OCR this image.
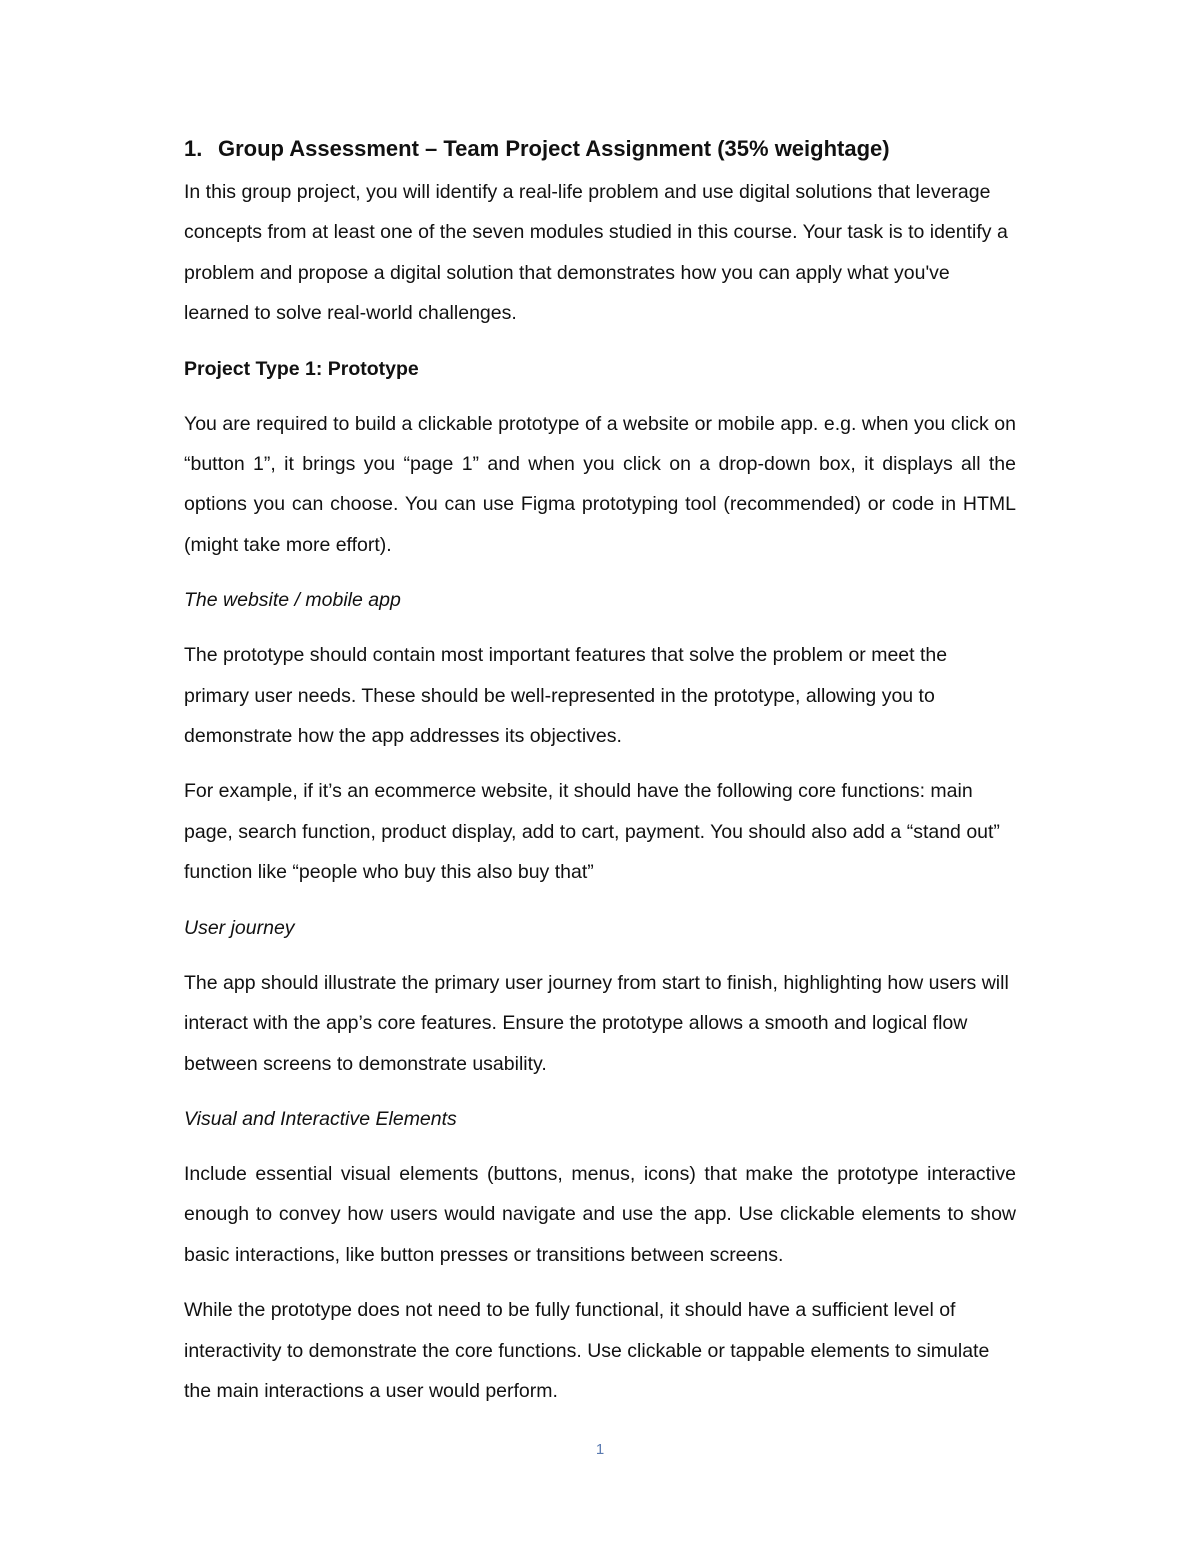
1. Group Assessment – Team Project Assignment (35% weightage)

In this group project, you will identify a real-life problem and use digital solutions that leverage concepts from at least one of the seven modules studied in this course. Your task is to identify a problem and propose a digital solution that demonstrates how you can apply what you've learned to solve real-world challenges.

Project Type 1: Prototype

You are required to build a clickable prototype of a website or mobile app. e.g. when you click on “button 1”, it brings you “page 1” and when you click on a drop-down box, it displays all the options you can choose. You can use Figma prototyping tool (recommended) or code in HTML (might take more effort).

The website / mobile app

The prototype should contain most important features that solve the problem or meet the primary user needs. These should be well-represented in the prototype, allowing you to demonstrate how the app addresses its objectives.

For example, if it’s an ecommerce website, it should have the following core functions: main page, search function, product display, add to cart, payment. You should also add a “stand out” function like “people who buy this also buy that”

User journey

The app should illustrate the primary user journey from start to finish, highlighting how users will interact with the app’s core features. Ensure the prototype allows a smooth and logical flow between screens to demonstrate usability.

Visual and Interactive Elements

Include essential visual elements (buttons, menus, icons) that make the prototype interactive enough to convey how users would navigate and use the app. Use clickable elements to show basic interactions, like button presses or transitions between screens.

While the prototype does not need to be fully functional, it should have a sufficient level of interactivity to demonstrate the core functions. Use clickable or tappable elements to simulate the main interactions a user would perform.

1
